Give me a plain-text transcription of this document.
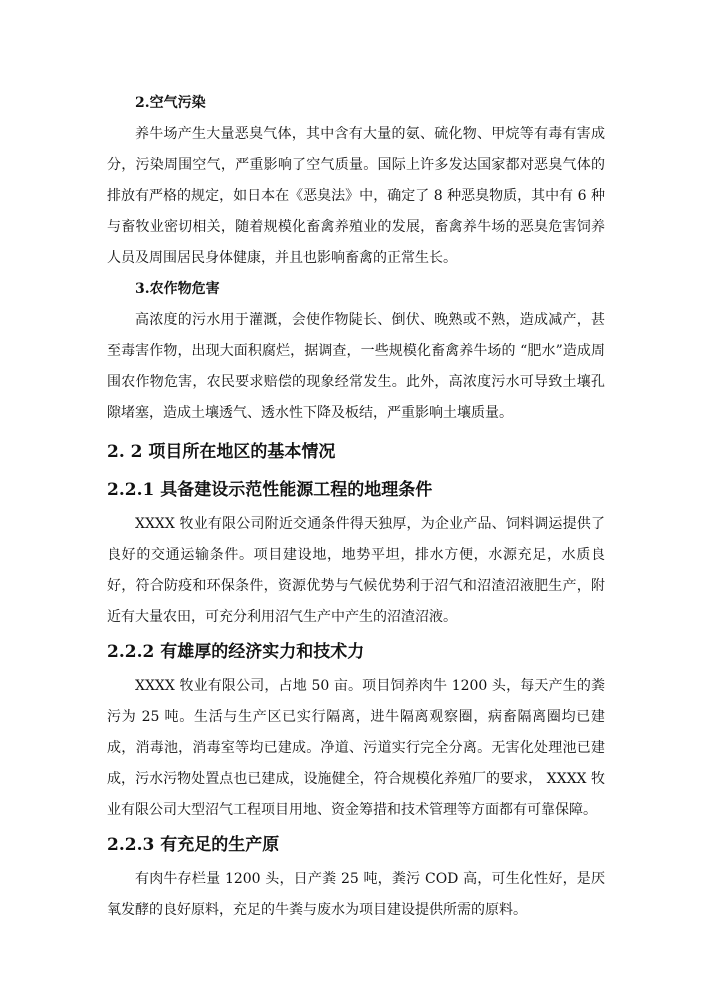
2.空气污染

养牛场产生大量恶臭气体，其中含有大量的氨、硫化物、甲烷等有毒有害成分，污染周围空气，严重影响了空气质量。国际上许多发达国家都对恶臭气体的排放有严格的规定，如日本在《恶臭法》中，确定了 8 种恶臭物质，其中有 6 种与畜牧业密切相关，随着规模化畜禽养殖业的发展，畜禽养牛场的恶臭危害饲养人员及周围居民身体健康，并且也影响畜禽的正常生长。

3.农作物危害

高浓度的污水用于灌溉，会使作物陡长、倒伏、晚熟或不熟，造成减产，甚至毒害作物，出现大面积腐烂，据调查，一些规模化畜禽养牛场的 “肥水”造成周围农作物危害，农民要求赔偿的现象经常发生。此外，高浓度污水可导致土壤孔隙堵塞，造成土壤透气、透水性下降及板结，严重影响土壤质量。

2. 2 项目所在地区的基本情况

2.2.1 具备建设示范性能源工程的地理条件

XXXX 牧业有限公司附近交通条件得天独厚，为企业产品、饲料调运提供了良好的交通运输条件。项目建设地，地势平坦，排水方便，水源充足，水质良好，符合防疫和环保条件，资源优势与气候优势利于沼气和沼渣沼液肥生产，附近有大量农田，可充分利用沼气生产中产生的沼渣沼液。

2.2.2 有雄厚的经济实力和技术力

XXXX 牧业有限公司，占地 50 亩。项目饲养肉牛 1200 头，每天产生的粪污为 25 吨。生活与生产区已实行隔离，进牛隔离观察圈，病畜隔离圈均已建成，消毒池，消毒室等均已建成。净道、污道实行完全分离。无害化处理池已建成，污水污物处置点也已建成，设施健全，符合规模化养殖厂的要求， XXXX 牧业有限公司大型沼气工程项目用地、资金筹措和技术管理等方面都有可靠保障。

2.2.3 有充足的生产原

有肉牛存栏量 1200 头，日产粪 25 吨，粪污 COD 高，可生化性好，是厌氧发酵的良好原料，充足的牛粪与废水为项目建设提供所需的原料。
